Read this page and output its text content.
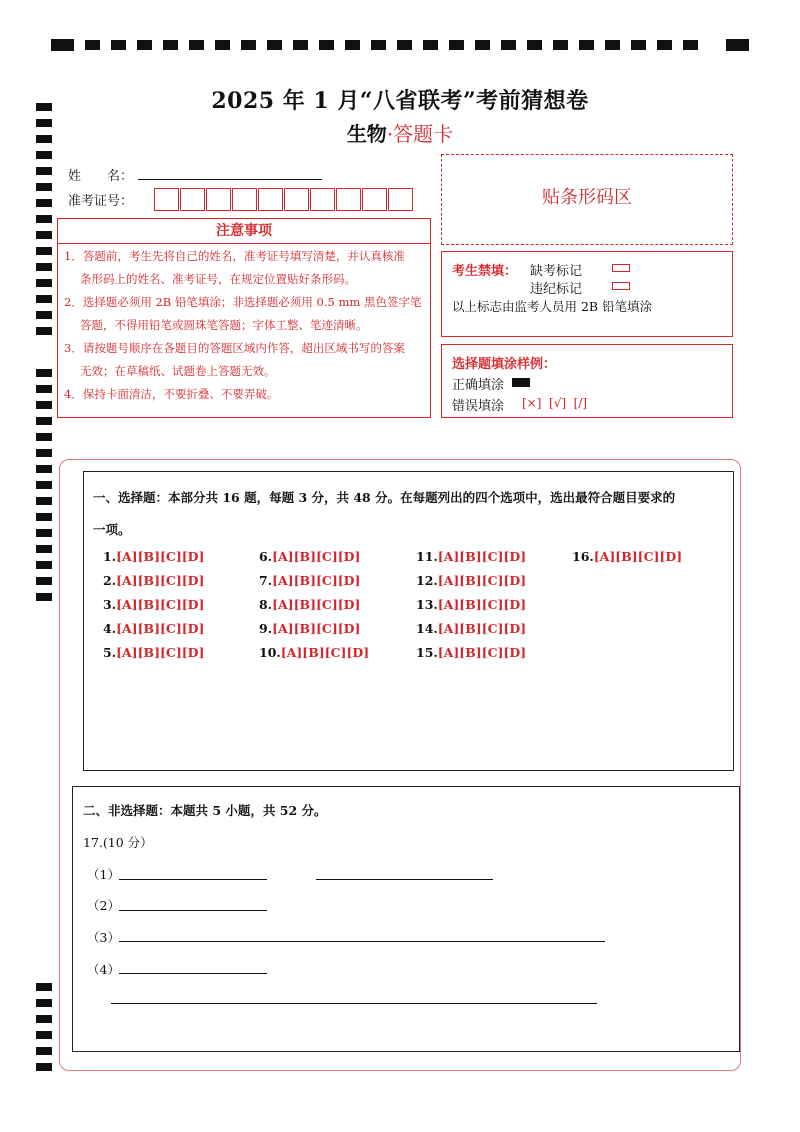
2025 年 1 月“八省联考”考前猜想卷
生物·答题卡
姓　　名：
准考证号：	贴条形码区
注意事项
1．答题前，考生先将自己的姓名，准考证号填写清楚，并认真核准
条形码上的姓名、准考证号，在规定位置贴好条形码。
2．选择题必须用 2B 铅笔填涂；非选择题必须用 0.5 mm 黑色签字笔
答题，不得用铅笔或圆珠笔答题；字体工整、笔迹清晰。
3．请按题号顺序在各题目的答题区域内作答，超出区域书写的答案
无效；在草稿纸、试题卷上答题无效。
4．保持卡面清洁，不要折叠、不要弄破。
考生禁填： 缺考标记
违纪标记
以上标志由监考人员用 2B 铅笔填涂
选择题填涂样例：
正确填涂
错误填涂 [×]  [√]  [/]
一、选择题：本部分共 16 题，每题 3 分，共 48 分。在每题列出的四个选项中，选出最符合题目要求的
一项。
1.[A][B][C][D]
2.[A][B][C][D]
3.[A][B][C][D]
4.[A][B][C][D]
5.[A][B][C][D]
6.[A][B][C][D]
7.[A][B][C][D]
8.[A][B][C][D]
9.[A][B][C][D]
10.[A][B][C][D]
11.[A][B][C][D]
12.[A][B][C][D]
13.[A][B][C][D]
14.[A][B][C][D]
15.[A][B][C][D]
16.[A][B][C][D]
二、非选择题：本题共 5 小题，共 52 分。
17.(10 分）
（1）
（2）
（3）
（4）
